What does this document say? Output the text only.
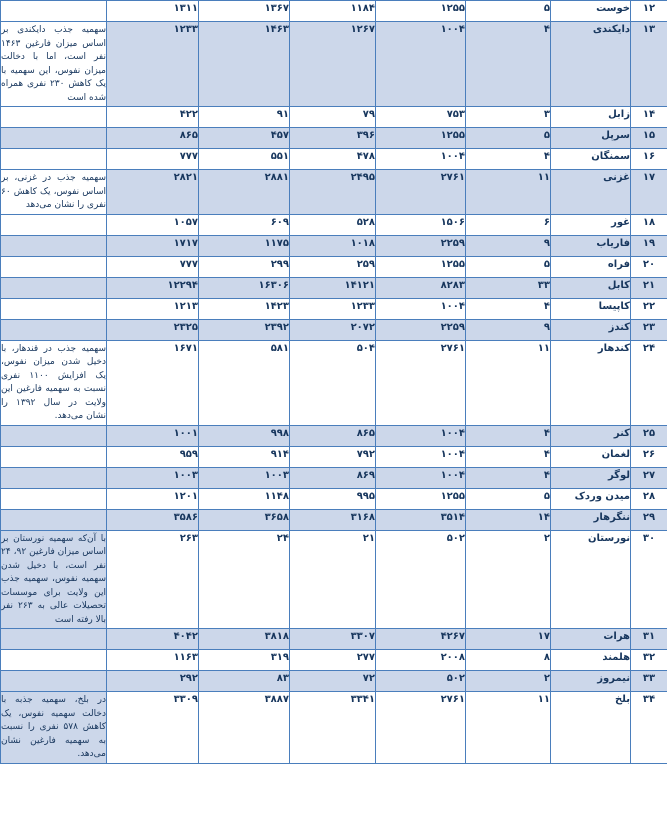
۱۲	خوست	۵	۱۲۵۵	۱۱۸۴	۱۳۶۷	۱۳۱۱	
۱۳	دایکندی	۴	۱۰۰۴	۱۲۶۷	۱۴۶۳	۱۲۳۳	سهمیه جذب دایکندی بر اساس میزان فارغین ۱۴۶۳ نفر است، اما با دخالت میزان نفوس، این سهمیه با یک کاهش ۲۳۰ نفری همراه شده است
۱۴	زابل	۳	۷۵۳	۷۹	۹۱	۴۲۲	
۱۵	سرپل	۵	۱۲۵۵	۳۹۶	۴۵۷	۸۶۵	
۱۶	سمنگان	۴	۱۰۰۴	۴۷۸	۵۵۱	۷۷۷	
۱۷	غزنی	۱۱	۲۷۶۱	۲۴۹۵	۲۸۸۱	۲۸۲۱	سهمیه جذب در غزنی، بر اساس نفوس، یک کاهش ۶۰ نفری را نشان می‌دهد
۱۸	غور	۶	۱۵۰۶	۵۲۸	۶۰۹	۱۰۵۷	
۱۹	فاریاب	۹	۲۲۵۹	۱۰۱۸	۱۱۷۵	۱۷۱۷	
۲۰	فراه	۵	۱۲۵۵	۲۵۹	۲۹۹	۷۷۷	
۲۱	کابل	۳۳	۸۲۸۳	۱۴۱۲۱	۱۶۳۰۶	۱۲۲۹۴	
۲۲	کاپیسا	۴	۱۰۰۴	۱۲۳۳	۱۴۲۳	۱۲۱۳	
۲۳	کندز	۹	۲۲۵۹	۲۰۷۲	۲۳۹۲	۲۳۲۵	
۲۴	کندهار	۱۱	۲۷۶۱	۵۰۴	۵۸۱	۱۶۷۱	سهمیه جذب در قندهار، با دخیل شدن میزان نفوس، یک افزایش ۱۱۰۰ نفری نسبت به سهمیه فارغین این ولایت در سال ۱۳۹۲ را نشان می‌دهد.
۲۵	کنر	۴	۱۰۰۴	۸۶۵	۹۹۸	۱۰۰۱	
۲۶	لغمان	۴	۱۰۰۴	۷۹۲	۹۱۴	۹۵۹	
۲۷	لوگر	۴	۱۰۰۴	۸۶۹	۱۰۰۳	۱۰۰۳	
۲۸	میدن وردک	۵	۱۲۵۵	۹۹۵	۱۱۴۸	۱۲۰۱	
۲۹	ننگرهار	۱۴	۳۵۱۴	۳۱۶۸	۳۶۵۸	۳۵۸۶	
۳۰	نورستان	۲	۵۰۲	۲۱	۲۴	۲۶۳	با آن‌که سهمیه نورستان بر اساس میزان فارغین ۹۲، ۲۴ نفر است، با دخیل شدن سهمیه نفوس، سهمیه جذب این ولایت برای موسسات تحصیلات عالی به ۲۶۳ نفر بالا رفته است
۳۱	هرات	۱۷	۴۲۶۷	۳۳۰۷	۳۸۱۸	۴۰۴۲	
۳۲	هلمند	۸	۲۰۰۸	۲۷۷	۳۱۹	۱۱۶۳	
۳۳	نیمروز	۲	۵۰۲	۷۲	۸۳	۲۹۲	
۳۴	بلخ	۱۱	۲۷۶۱	۳۳۴۱	۳۸۸۷	۳۳۰۹	در بلخ، سهمیه جذبه با دخالت سهمیه نفوس، یک کاهش ۵۷۸ نفری را نسبت به سهمیه فارغین نشان می‌دهد.
